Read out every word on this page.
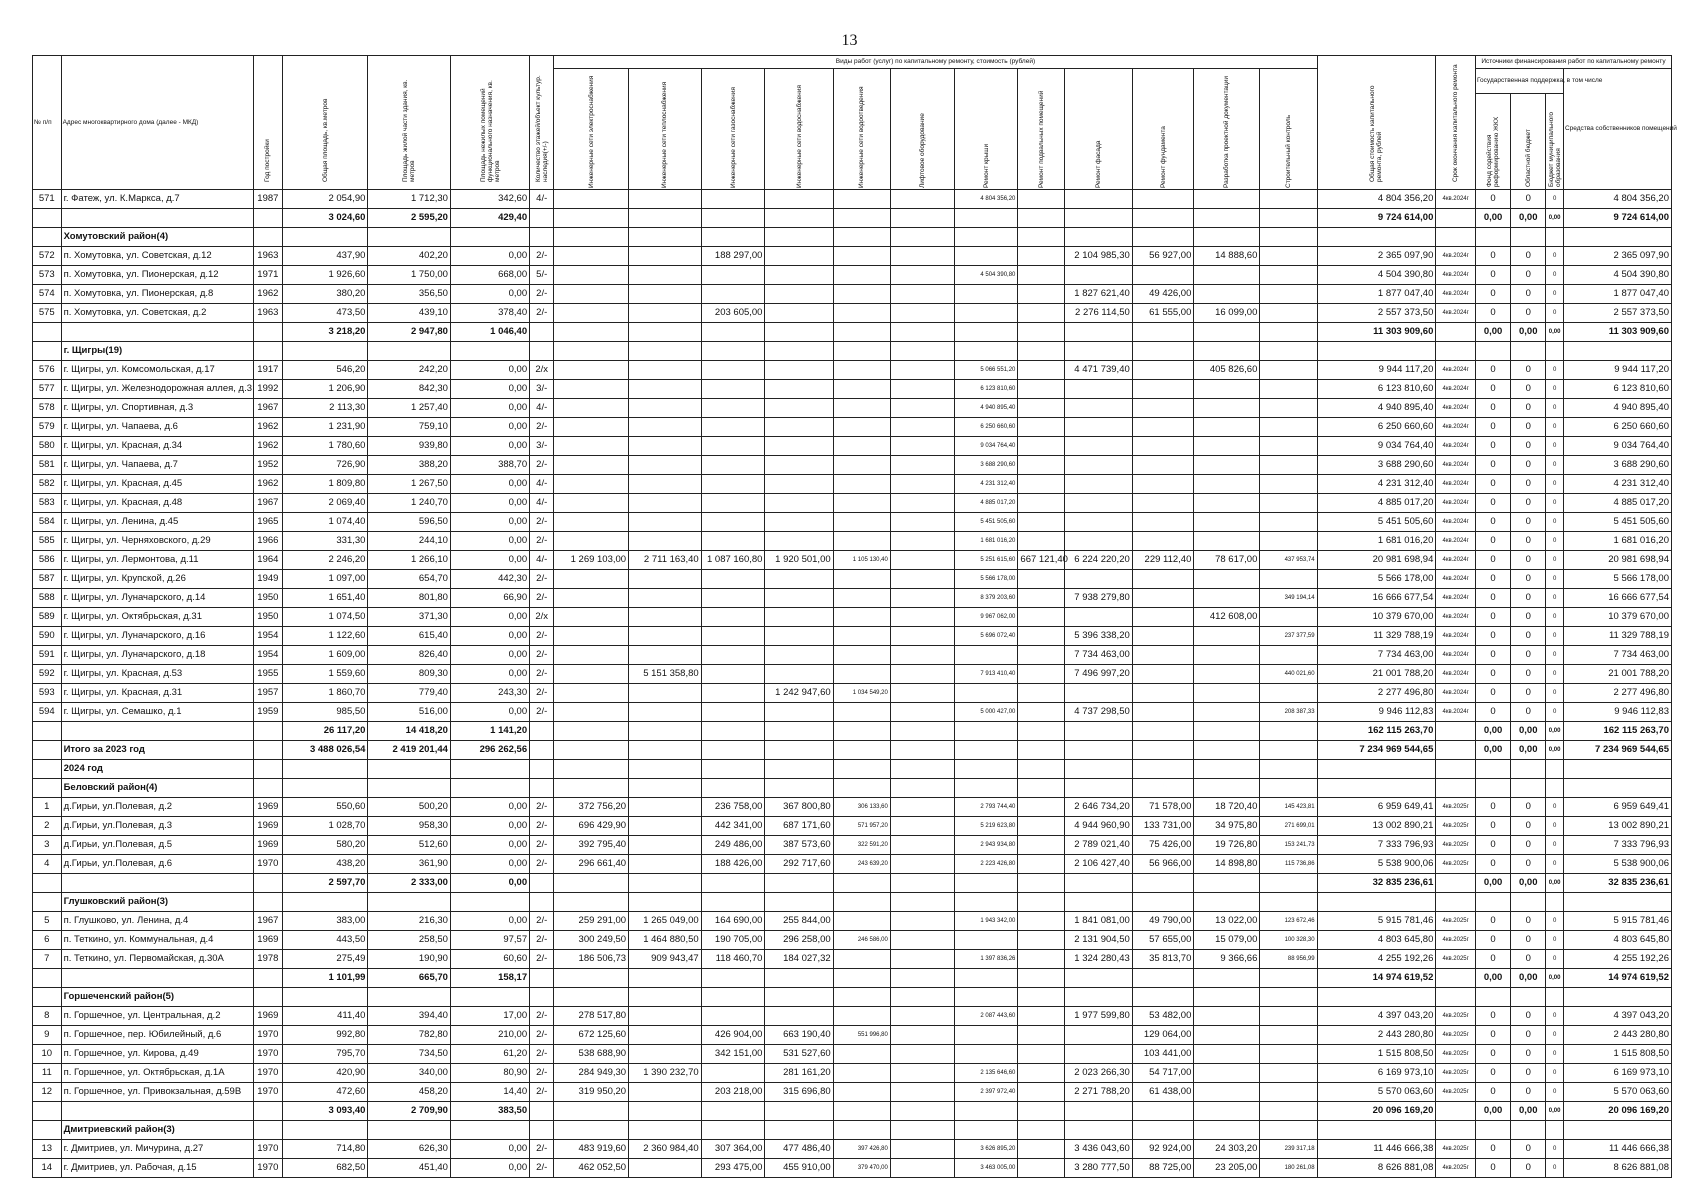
13
№ п/п	Адрес многоквартирного дома (далее - МКД)	Год постройки	Общая площадь, кв.метров	Площадь жилой части здания, кв. метров	Площадь нежилых помещений функционального назначения, кв. метров	Количество этажей/объект культур. наследия(+/-)	Виды работ (услуг) по капитальному ремонту, стоимость (рублей)												Общая стоимость капитального ремонта, рублей	Срок окончания капитального ремонта	Источники финансирования работ по капитальному ремонту			

							Инженерные сети электроснабжения	Инженерные сети теплоснабжения	Инженерные сети газоснабжения	Инженерные сети водоснабжения	Инженерные сети водоотведения	Лифтовое оборудование	Ремонт крыши	Ремонт подвальных помещений	Ремонт фасада	Ремонт фундамента	Разработка проектной документации	Строительный контроль			Государственная поддержка, в том числе			Средства собственников помещений

																					Фонд содействия реформированию ЖКХ	Областной бюджет	Бюджет муниципального образования	

571	г. Фатеж, ул. К.Маркса, д.7	1987	2 054,90	1 712,30	342,60	4/-							4 804 356,20						4 804 356,20	4кв.2024г	0	0	0	4 804 356,20
			3 024,60	2 595,20	429,40														9 724 614,00		0,00	0,00	0,00	9 724 614,00
	Хомутовский район(4)																							
572	п. Хомутовка, ул. Советская, д.12	1963	437,90	402,20	0,00	2/-			188 297,00						2 104 985,30	56 927,00	14 888,60		2 365 097,90	4кв.2024г	0	0	0	2 365 097,90
573	п. Хомутовка, ул. Пионерская, д.12	1971	1 926,60	1 750,00	668,00	5/-							4 504 390,80						4 504 390,80	4кв.2024г	0	0	0	4 504 390,80
574	п. Хомутовка, ул. Пионерская, д.8	1962	380,20	356,50	0,00	2/-									1 827 621,40	49 426,00			1 877 047,40	4кв.2024г	0	0	0	1 877 047,40
575	п. Хомутовка, ул. Советская, д.2	1963	473,50	439,10	378,40	2/-			203 605,00						2 276 114,50	61 555,00	16 099,00		2 557 373,50	4кв.2024г	0	0	0	2 557 373,50
			3 218,20	2 947,80	1 046,40														11 303 909,60		0,00	0,00	0,00	11 303 909,60
	г. Щигры(19)																							
576	г. Щигры, ул. Комсомольская, д.17	1917	546,20	242,20	0,00	2/х							5 066 551,20		4 471 739,40		405 826,60		9 944 117,20	4кв.2024г	0	0	0	9 944 117,20
577	г. Щигры, ул. Железнодорожная аллея, д.3	1992	1 206,90	842,30	0,00	3/-							6 123 810,60						6 123 810,60	4кв.2024г	0	0	0	6 123 810,60
578	г. Щигры, ул. Спортивная, д.3	1967	2 113,30	1 257,40	0,00	4/-							4 940 895,40						4 940 895,40	4кв.2024г	0	0	0	4 940 895,40
579	г. Щигры, ул. Чапаева, д.6	1962	1 231,90	759,10	0,00	2/-							6 250 660,60						6 250 660,60	4кв.2024г	0	0	0	6 250 660,60
580	г. Щигры, ул. Красная, д.34	1962	1 780,60	939,80	0,00	3/-							9 034 764,40						9 034 764,40	4кв.2024г	0	0	0	9 034 764,40
581	г. Щигры, ул. Чапаева, д.7	1952	726,90	388,20	388,70	2/-							3 688 290,60						3 688 290,60	4кв.2024г	0	0	0	3 688 290,60
582	г. Щигры, ул. Красная, д.45	1962	1 809,80	1 267,50	0,00	4/-							4 231 312,40						4 231 312,40	4кв.2024г	0	0	0	4 231 312,40
583	г. Щигры, ул. Красная, д.48	1967	2 069,40	1 240,70	0,00	4/-							4 885 017,20						4 885 017,20	4кв.2024г	0	0	0	4 885 017,20
584	г. Щигры, ул. Ленина, д.45	1965	1 074,40	596,50	0,00	2/-							5 451 505,60						5 451 505,60	4кв.2024г	0	0	0	5 451 505,60
585	г. Щигры, ул. Черняховского, д.29	1966	331,30	244,10	0,00	2/-							1 681 016,20						1 681 016,20	4кв.2024г	0	0	0	1 681 016,20
586	г. Щигры, ул. Лермонтова, д.11	1964	2 246,20	1 266,10	0,00	4/-	1 269 103,00	2 711 163,40	1 087 160,80	1 920 501,00	1 105 130,40		5 251 615,60	667 121,40	6 224 220,20	229 112,40	78 617,00	437 953,74	20 981 698,94	4кв.2024г	0	0	0	20 981 698,94
587	г. Щигры, ул. Крупской, д.26	1949	1 097,00	654,70	442,30	2/-							5 566 178,00						5 566 178,00	4кв.2024г	0	0	0	5 566 178,00
588	г. Щигры, ул. Луначарского, д.14	1950	1 651,40	801,80	66,90	2/-							8 379 203,60		7 938 279,80			349 194,14	16 666 677,54	4кв.2024г	0	0	0	16 666 677,54
589	г. Щигры, ул. Октябрьская, д.31	1950	1 074,50	371,30	0,00	2/х							9 967 062,00				412 608,00		10 379 670,00	4кв.2024г	0	0	0	10 379 670,00
590	г. Щигры, ул. Луначарского, д.16	1954	1 122,60	615,40	0,00	2/-							5 696 072,40		5 396 338,20			237 377,59	11 329 788,19	4кв.2024г	0	0	0	11 329 788,19
591	г. Щигры, ул. Луначарского, д.18	1954	1 609,00	826,40	0,00	2/-									7 734 463,00				7 734 463,00	4кв.2024г	0	0	0	7 734 463,00
592	г. Щигры, ул. Красная, д.53	1955	1 559,60	809,30	0,00	2/-		5 151 358,80					7 913 410,40		7 496 997,20			440 021,60	21 001 788,20	4кв.2024г	0	0	0	21 001 788,20
593	г. Щигры, ул. Красная, д.31	1957	1 860,70	779,40	243,30	2/-				1 242 947,60	1 034 549,20								2 277 496,80	4кв.2024г	0	0	0	2 277 496,80
594	г. Щигры, ул. Семашко, д.1	1959	985,50	516,00	0,00	2/-							5 000 427,00		4 737 298,50			208 387,33	9 946 112,83	4кв.2024г	0	0	0	9 946 112,83
			26 117,20	14 418,20	1 141,20														162 115 263,70		0,00	0,00	0,00	162 115 263,70
	Итого за 2023 год		3 488 026,54	2 419 201,44	296 262,56														7 234 969 544,65		0,00	0,00	0,00	7 234 969 544,65
	2024 год																							
	Беловский район(4)																							
1	д.Гирьи, ул.Полевая, д.2	1969	550,60	500,20	0,00	2/-	372 756,20		236 758,00	367 800,80	306 133,60		2 793 744,40		2 646 734,20	71 578,00	18 720,40	145 423,81	6 959 649,41	4кв.2025г	0	0	0	6 959 649,41
2	д.Гирьи, ул.Полевая, д.3	1969	1 028,70	958,30	0,00	2/-	696 429,90		442 341,00	687 171,60	571 957,20		5 219 623,80		4 944 960,90	133 731,00	34 975,80	271 699,01	13 002 890,21	4кв.2025г	0	0	0	13 002 890,21
3	д.Гирьи, ул.Полевая, д.5	1969	580,20	512,60	0,00	2/-	392 795,40		249 486,00	387 573,60	322 591,20		2 943 934,80		2 789 021,40	75 426,00	19 726,80	153 241,73	7 333 796,93	4кв.2025г	0	0	0	7 333 796,93
4	д.Гирьи, ул.Полевая, д.6	1970	438,20	361,90	0,00	2/-	296 661,40		188 426,00	292 717,60	243 639,20		2 223 426,80		2 106 427,40	56 966,00	14 898,80	115 736,86	5 538 900,06	4кв.2025г	0	0	0	5 538 900,06
			2 597,70	2 333,00	0,00														32 835 236,61		0,00	0,00	0,00	32 835 236,61
	Глушковский район(3)																							
5	п. Глушково, ул. Ленина, д.4	1967	383,00	216,30	0,00	2/-	259 291,00	1 265 049,00	164 690,00	255 844,00			1 943 342,00		1 841 081,00	49 790,00	13 022,00	123 672,46	5 915 781,46	4кв.2025г	0	0	0	5 915 781,46
6	п. Теткино, ул. Коммунальная, д.4	1969	443,50	258,50	97,57	2/-	300 249,50	1 464 880,50	190 705,00	296 258,00	246 586,00				2 131 904,50	57 655,00	15 079,00	100 328,30	4 803 645,80	4кв.2025г	0	0	0	4 803 645,80
7	п. Теткино, ул. Первомайская, д.30А	1978	275,49	190,90	60,60	2/-	186 506,73	909 943,47	118 460,70	184 027,32			1 397 836,26		1 324 280,43	35 813,70	9 366,66	88 956,99	4 255 192,26	4кв.2025г	0	0	0	4 255 192,26
			1 101,99	665,70	158,17														14 974 619,52		0,00	0,00	0,00	14 974 619,52
	Горшеченский район(5)																							
8	п. Горшечное, ул. Центральная, д.2	1969	411,40	394,40	17,00	2/-	278 517,80						2 087 443,60		1 977 599,80	53 482,00			4 397 043,20	4кв.2025г	0	0	0	4 397 043,20
9	п. Горшечное, пер. Юбилейный, д.6	1970	992,80	782,80	210,00	2/-	672 125,60		426 904,00	663 190,40	551 996,80					129 064,00			2 443 280,80	4кв.2025г	0	0	0	2 443 280,80
10	п. Горшечное, ул. Кирова, д.49	1970	795,70	734,50	61,20	2/-	538 688,90		342 151,00	531 527,60						103 441,00			1 515 808,50	4кв.2025г	0	0	0	1 515 808,50
11	п. Горшечное, ул. Октябрьская, д.1А	1970	420,90	340,00	80,90	2/-	284 949,30	1 390 232,70		281 161,20			2 135 646,60		2 023 266,30	54 717,00			6 169 973,10	4кв.2025г	0	0	0	6 169 973,10
12	п. Горшечное, ул. Привокзальная, д.59В	1970	472,60	458,20	14,40	2/-	319 950,20		203 218,00	315 696,80			2 397 972,40		2 271 788,20	61 438,00			5 570 063,60	4кв.2025г	0	0	0	5 570 063,60
			3 093,40	2 709,90	383,50														20 096 169,20		0,00	0,00	0,00	20 096 169,20
	Дмитриевский район(3)																							
13	г. Дмитриев, ул. Мичурина, д.27	1970	714,80	626,30	0,00	2/-	483 919,60	2 360 984,40	307 364,00	477 486,40	397 426,80		3 626 895,20		3 436 043,60	92 924,00	24 303,20	239 317,18	11 446 666,38	4кв.2025г	0	0	0	11 446 666,38
14	г. Дмитриев, ул. Рабочая, д.15	1970	682,50	451,40	0,00	2/-	462 052,50		293 475,00	455 910,00	379 470,00		3 463 005,00		3 280 777,50	88 725,00	23 205,00	180 261,08	8 626 881,08	4кв.2025г	0	0	0	8 626 881,08
